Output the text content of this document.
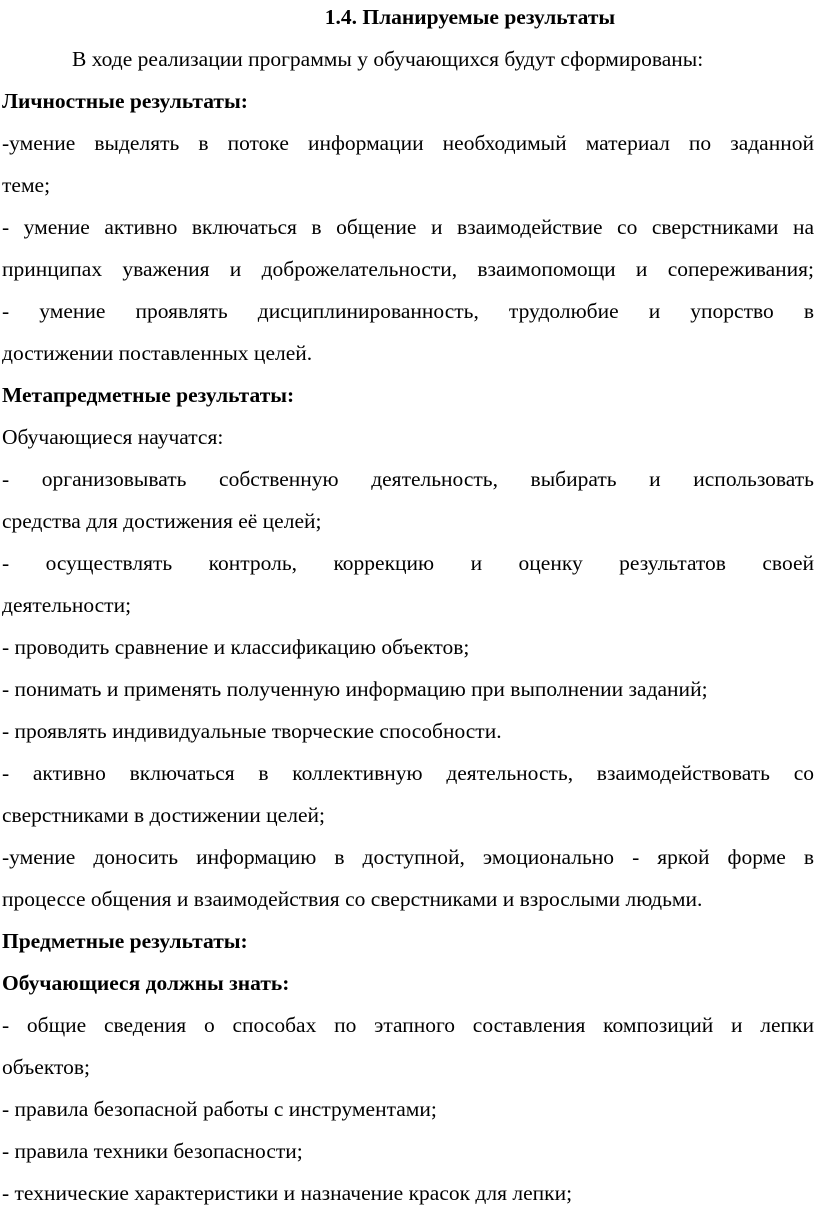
1.4. Планируемые результаты
В ходе реализации программы у обучающихся будут сформированы:
Личностные результаты:
-умение выделять в потоке информации необходимый материал по заданной
теме;
- умение активно включаться в общение и взаимодействие со сверстниками на
принципах уважения и доброжелательности, взаимопомощи и сопереживания;
- умение проявлять дисциплинированность, трудолюбие и упорство в
достижении поставленных целей.
Метапредметные результаты:
Обучающиеся научатся:
- организовывать собственную деятельность, выбирать и использовать
средства для достижения её целей;
- осуществлять контроль, коррекцию и оценку результатов своей
деятельности;
- проводить сравнение и классификацию объектов;
- понимать и применять полученную информацию при выполнении заданий;
- проявлять индивидуальные творческие способности.
- активно включаться в коллективную деятельность, взаимодействовать со
сверстниками в достижении целей;
-умение доносить информацию в доступной, эмоционально - яркой форме в
процессе общения и взаимодействия со сверстниками и взрослыми людьми.
Предметные результаты:
Обучающиеся должны знать:
- общие сведения о способах по этапного составления композиций и лепки
объектов;
- правила безопасной работы с инструментами;
- правила техники безопасности;
- технические характеристики и назначение красок для лепки;
